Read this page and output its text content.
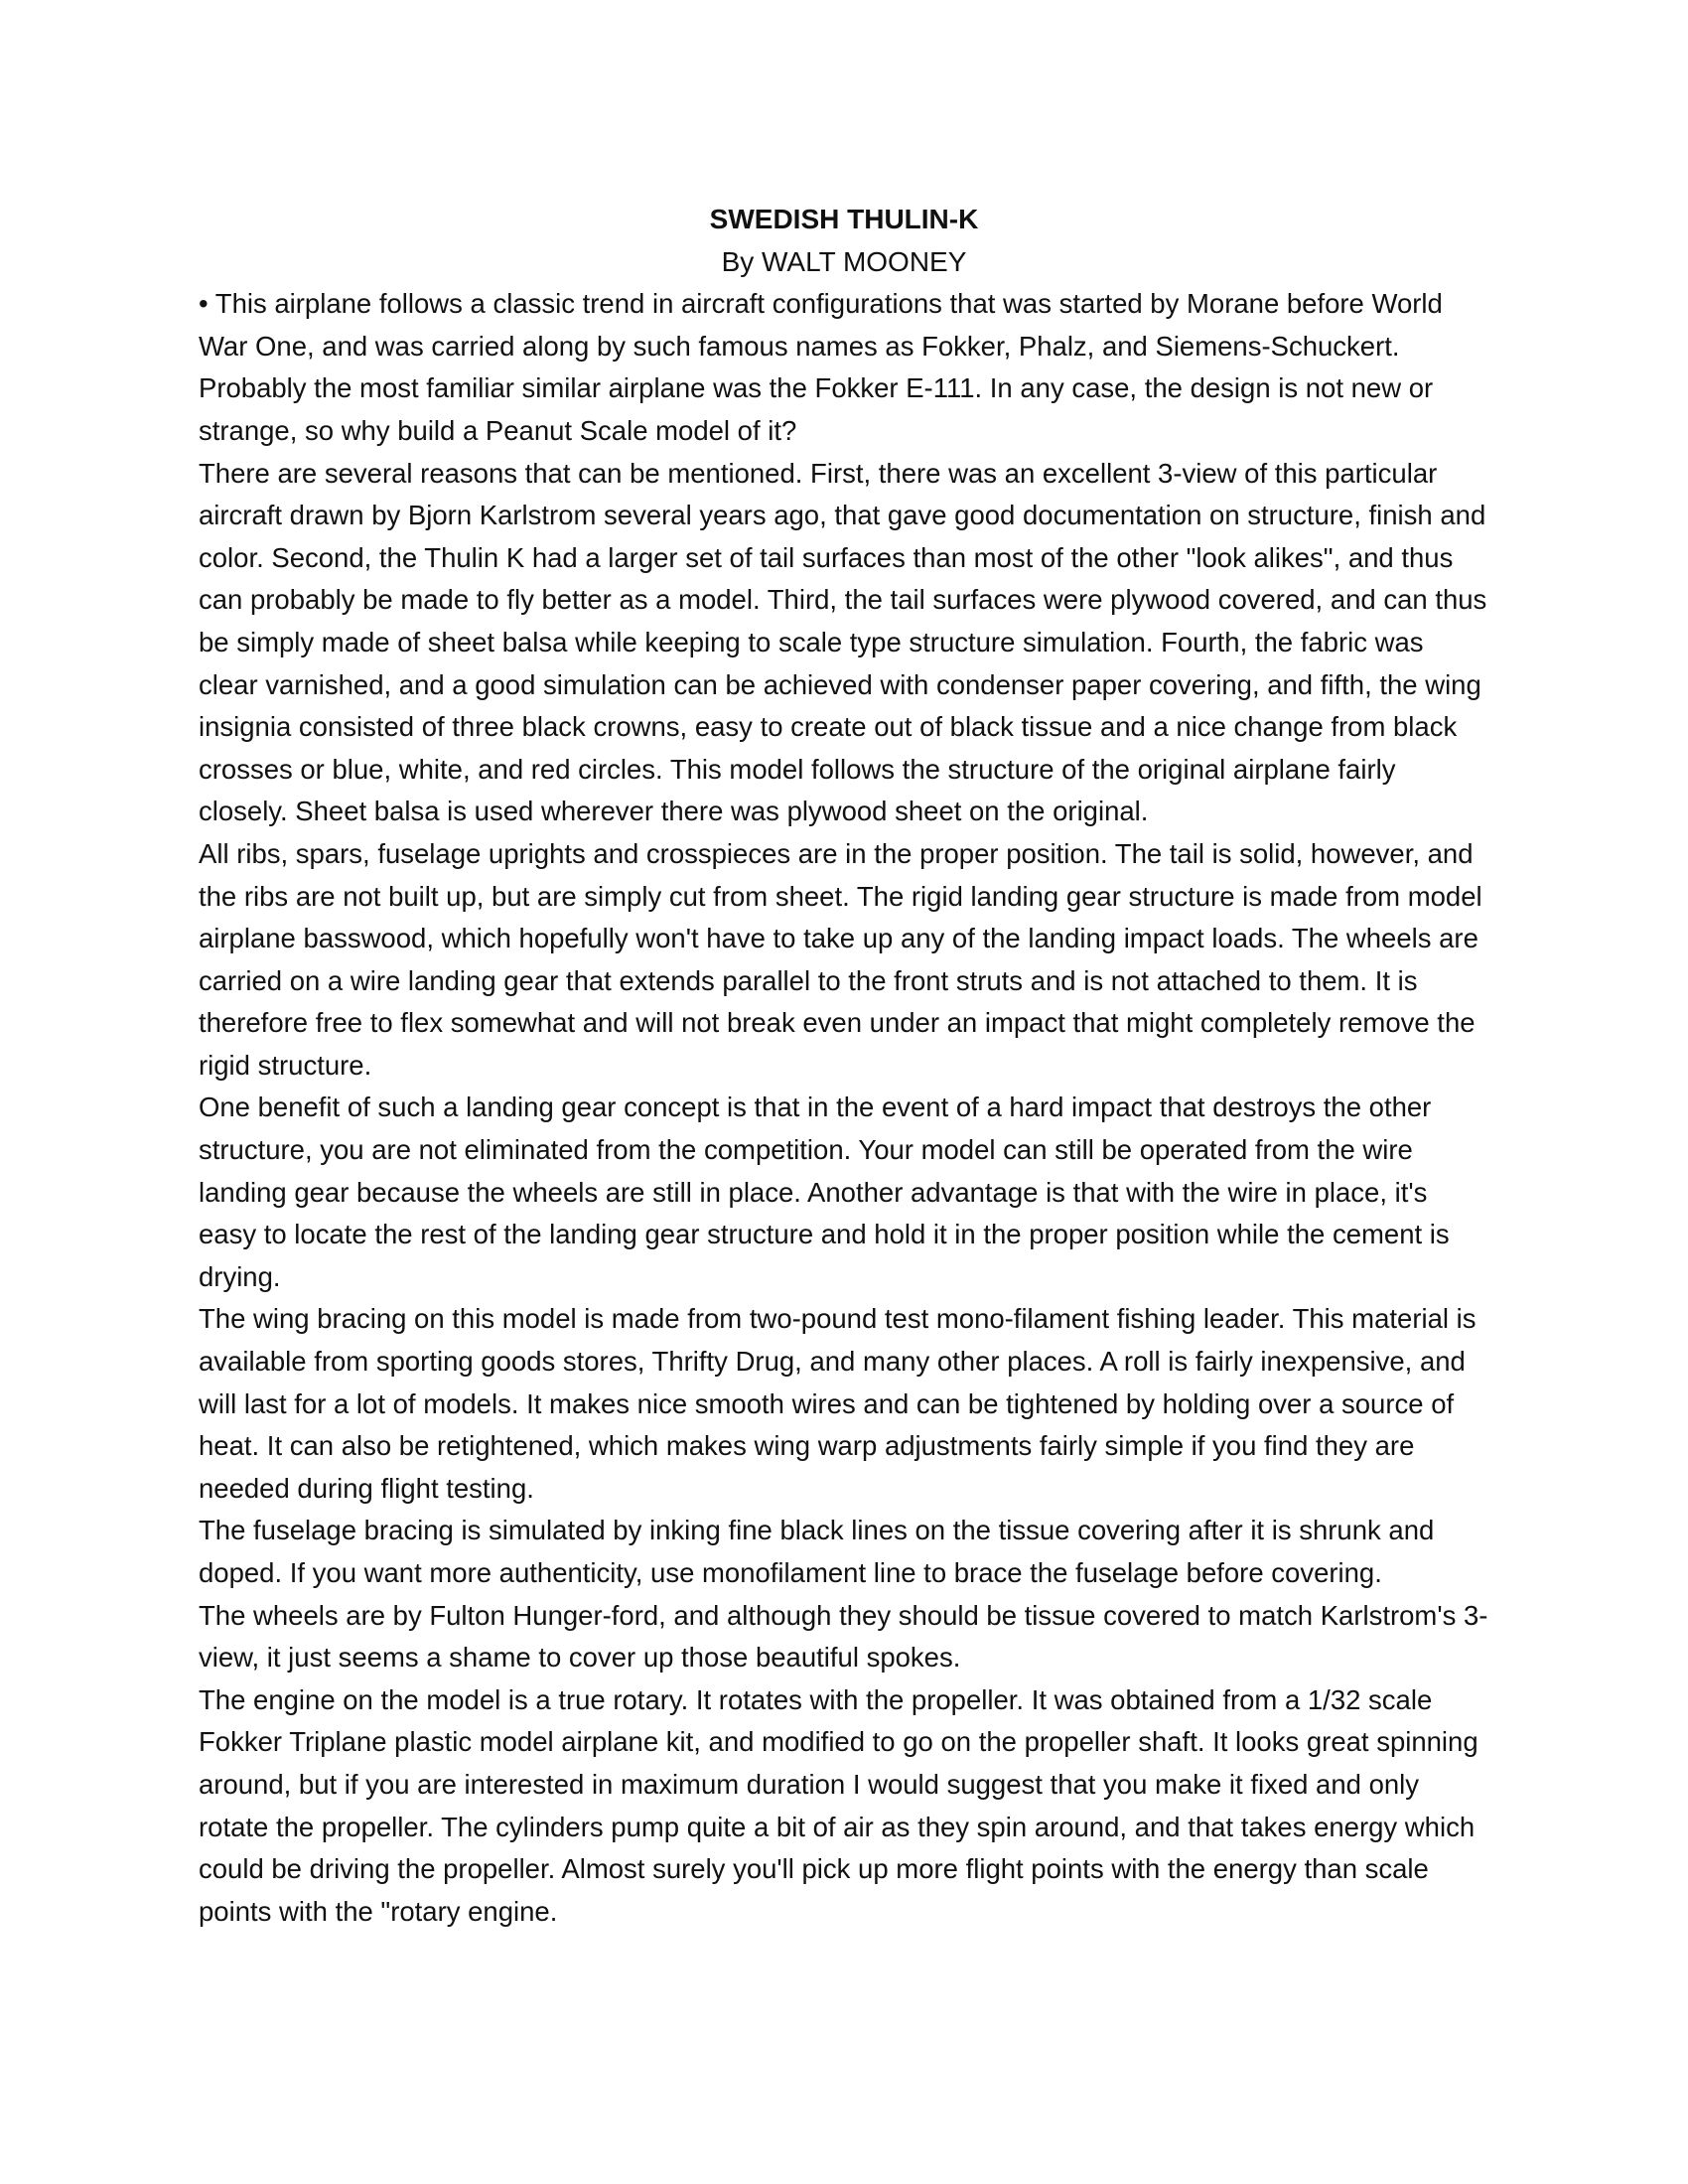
SWEDISH THULIN-K

By WALT MOONEY

• This airplane follows a classic trend in aircraft configurations that was started by Morane before World War One, and was carried along by such famous names as Fokker, Phalz, and Siemens-Schuckert. Probably the most familiar similar airplane was the Fokker E-111. In any case, the design is not new or strange, so why build a Peanut Scale model of it?

There are several reasons that can be mentioned. First, there was an excellent 3-view of this particular aircraft drawn by Bjorn Karlstrom several years ago, that gave good documentation on structure, finish and color. Second, the Thulin K had a larger set of tail surfaces than most of the other "look alikes", and thus can probably be made to fly better as a model. Third, the tail surfaces were plywood covered, and can thus be simply made of sheet balsa while keeping to scale type structure simulation. Fourth, the fabric was clear varnished, and a good simulation can be achieved with condenser paper covering, and fifth, the wing insignia consisted of three black crowns, easy to create out of black tissue and a nice change from black crosses or blue, white, and red circles. This model follows the structure of the original airplane fairly closely. Sheet balsa is used wherever there was plywood sheet on the original.

All ribs, spars, fuselage uprights and crosspieces are in the proper position. The tail is solid, however, and the ribs are not built up, but are simply cut from sheet. The rigid landing gear structure is made from model airplane basswood, which hopefully won't have to take up any of the landing impact loads. The wheels are carried on a wire landing gear that extends parallel to the front struts and is not attached to them. It is therefore free to flex somewhat and will not break even under an impact that might completely remove the rigid structure.

One benefit of such a landing gear concept is that in the event of a hard impact that destroys the other structure, you are not eliminated from the competition. Your model can still be operated from the wire landing gear because the wheels are still in place. Another advantage is that with the wire in place, it's easy to locate the rest of the landing gear structure and hold it in the proper position while the cement is drying.

The wing bracing on this model is made from two-pound test mono-filament fishing leader. This material is available from sporting goods stores, Thrifty Drug, and many other places. A roll is fairly inexpensive, and will last for a lot of models. It makes nice smooth wires and can be tightened by holding over a source of heat. It can also be retightened, which makes wing warp adjustments fairly simple if you find they are needed during flight testing.

The fuselage bracing is simulated by inking fine black lines on the tissue covering after it is shrunk and doped. If you want more authenticity, use monofilament line to brace the fuselage before covering.

The wheels are by Fulton Hunger-ford, and although they should be tissue covered to match Karlstrom's 3-view, it just seems a shame to cover up those beautiful spokes.

The engine on the model is a true rotary. It rotates with the propeller. It was obtained from a 1/32 scale Fokker Triplane plastic model airplane kit, and modified to go on the propeller shaft. It looks great spinning around, but if you are interested in maximum duration I would suggest that you make it fixed and only rotate the propeller. The cylinders pump quite a bit of air as they spin around, and that takes energy which could be driving the propeller. Almost surely you'll pick up more flight points with the energy than scale points with the "rotary engine.
